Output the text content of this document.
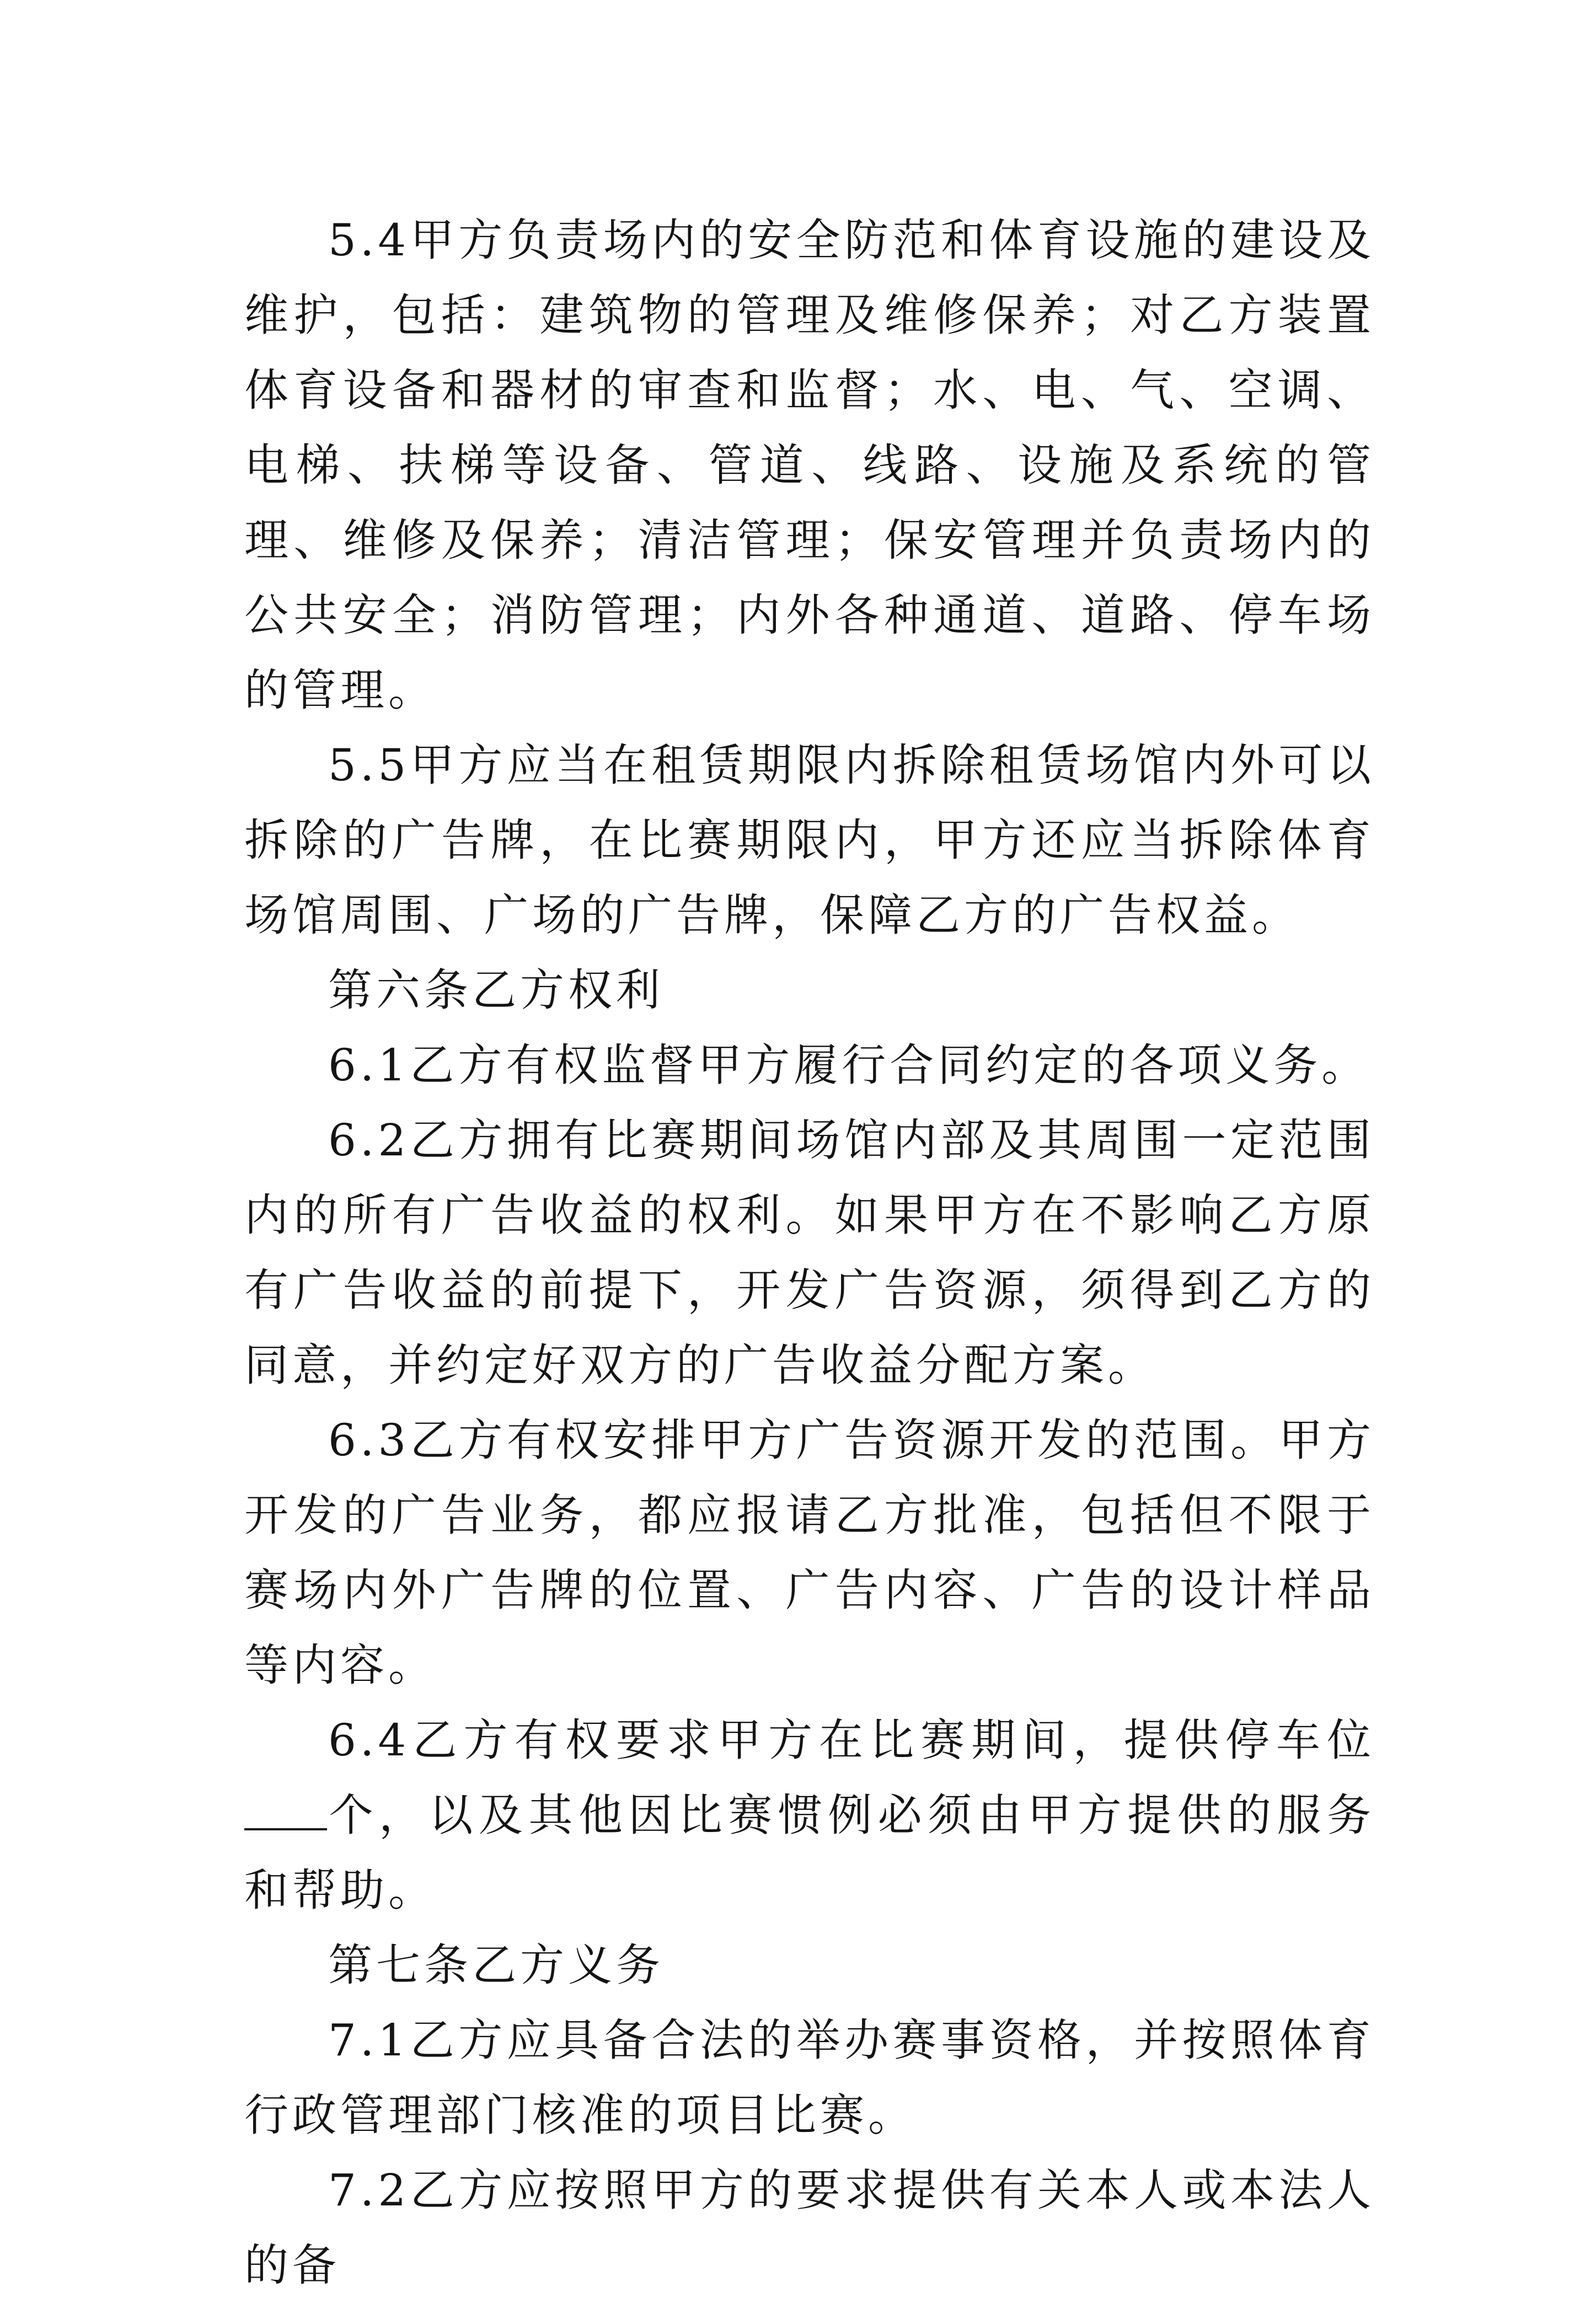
5.4甲方负责场内的安全防范和体育设施的建设及维护，包括：建筑物的管理及维修保养；对乙方装置体育设备和器材的审查和监督；水、电、气、空调、电梯、扶梯等设备、管道、线路、设施及系统的管理、维修及保养；清洁管理；保安管理并负责场内的公共安全；消防管理；内外各种通道、道路、停车场的管理。

5.5甲方应当在租赁期限内拆除租赁场馆内外可以拆除的广告牌，在比赛期限内，甲方还应当拆除体育场馆周围、广场的广告牌，保障乙方的广告权益。

第六条乙方权利

6.1乙方有权监督甲方履行合同约定的各项义务。

6.2乙方拥有比赛期间场馆内部及其周围一定范围内的所有广告收益的权利。如果甲方在不影响乙方原有广告收益的前提下，开发广告资源，须得到乙方的同意，并约定好双方的广告收益分配方案。

6.3乙方有权安排甲方广告资源开发的范围。甲方开发的广告业务，都应报请乙方批准，包括但不限于赛场内外广告牌的位置、广告内容、广告的设计样品等内容。

6.4乙方有权要求甲方在比赛期间，提供停车位个，以及其他因比赛惯例必须由甲方提供的服务和帮助。

第七条乙方义务

7.1乙方应具备合法的举办赛事资格，并按照体育行政管理部门核准的项目比赛。

7.2乙方应按照甲方的要求提供有关本人或本法人的备
